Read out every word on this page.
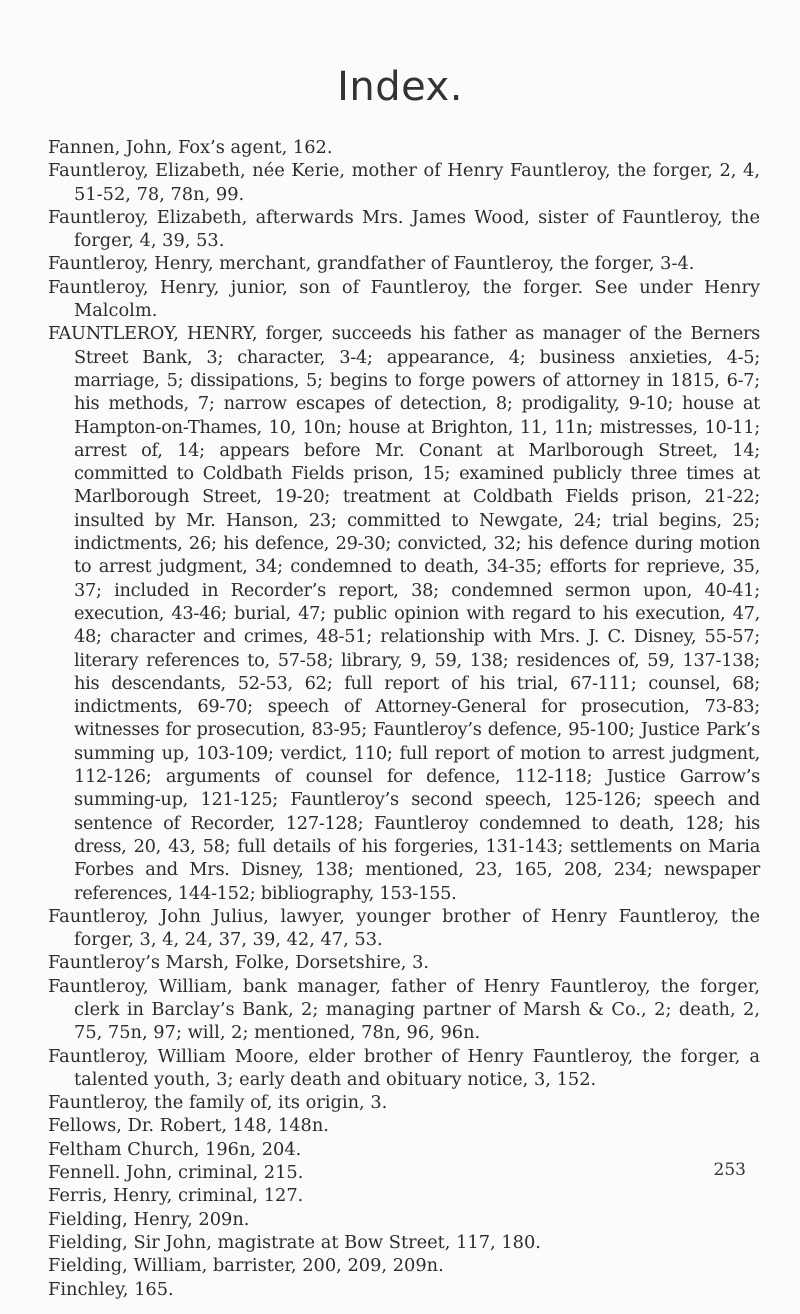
Index.

Fannen, John, Fox’s agent, 162.

Fauntleroy, Elizabeth, née Kerie, mother of Henry Fauntleroy, the forger, 2, 4, 51-52, 78, 78n, 99.

Fauntleroy, Elizabeth, afterwards Mrs. James Wood, sister of Fauntleroy, the forger, 4, 39, 53.

Fauntleroy, Henry, merchant, grandfather of Fauntleroy, the forger, 3-4.

Fauntleroy, Henry, junior, son of Fauntleroy, the forger. See under Henry Malcolm.

FAUNTLEROY, HENRY, forger, succeeds his father as manager of the Berners Street Bank, 3; character, 3-4; appearance, 4; business anxieties, 4-5; marriage, 5; dissipations, 5; begins to forge powers of attorney in 1815, 6-7; his methods, 7; narrow escapes of detection, 8; prodigality, 9-10; house at Hampton-on-Thames, 10, 10n; house at Brighton, 11, 11n; mistresses, 10-11; arrest of, 14; appears before Mr. Conant at Marlborough Street, 14; committed to Coldbath Fields prison, 15; examined publicly three times at Marlborough Street, 19-20; treatment at Coldbath Fields prison, 21-22; insulted by Mr. Hanson, 23; committed to Newgate, 24; trial begins, 25; indictments, 26; his defence, 29-30; convicted, 32; his defence during motion to arrest judgment, 34; condemned to death, 34-35; efforts for reprieve, 35, 37; included in Recorder’s report, 38; condemned sermon upon, 40-41; execution, 43-46; burial, 47; public opinion with regard to his execution, 47, 48; character and crimes, 48-51; relationship with Mrs. J. C. Disney, 55-57; literary references to, 57-58; library, 9, 59, 138; residences of, 59, 137-138; his descendants, 52-53, 62; full report of his trial, 67-111; counsel, 68; indictments, 69-70; speech of Attorney-General for prosecution, 73-83; witnesses for prosecution, 83-95; Fauntleroy’s defence, 95-100; Justice Park’s summing up, 103-109; verdict, 110; full report of motion to arrest judgment, 112-126; arguments of counsel for defence, 112-118; Justice Garrow’s summing-up, 121-125; Fauntleroy’s second speech, 125-126; speech and sentence of Recorder, 127-128; Fauntleroy condemned to death, 128; his dress, 20, 43, 58; full details of his forgeries, 131-143; settlements on Maria Forbes and Mrs. Disney, 138; mentioned, 23, 165, 208, 234; newspaper references, 144-152; bibliography, 153-155.

Fauntleroy, John Julius, lawyer, younger brother of Henry Fauntleroy, the forger, 3, 4, 24, 37, 39, 42, 47, 53.

Fauntleroy’s Marsh, Folke, Dorsetshire, 3.

Fauntleroy, William, bank manager, father of Henry Fauntleroy, the forger, clerk in Barclay’s Bank, 2; managing partner of Marsh & Co., 2; death, 2, 75, 75n, 97; will, 2; mentioned, 78n, 96, 96n.

Fauntleroy, William Moore, elder brother of Henry Fauntleroy, the forger, a talented youth, 3; early death and obituary notice, 3, 152.

Fauntleroy, the family of, its origin, 3.

Fellows, Dr. Robert, 148, 148n.

Feltham Church, 196n, 204.

Fennell. John, criminal, 215.

Ferris, Henry, criminal, 127.

Fielding, Henry, 209n.

Fielding, Sir John, magistrate at Bow Street, 117, 180.

Fielding, William, barrister, 200, 209, 209n.

Finchley, 165.

253
